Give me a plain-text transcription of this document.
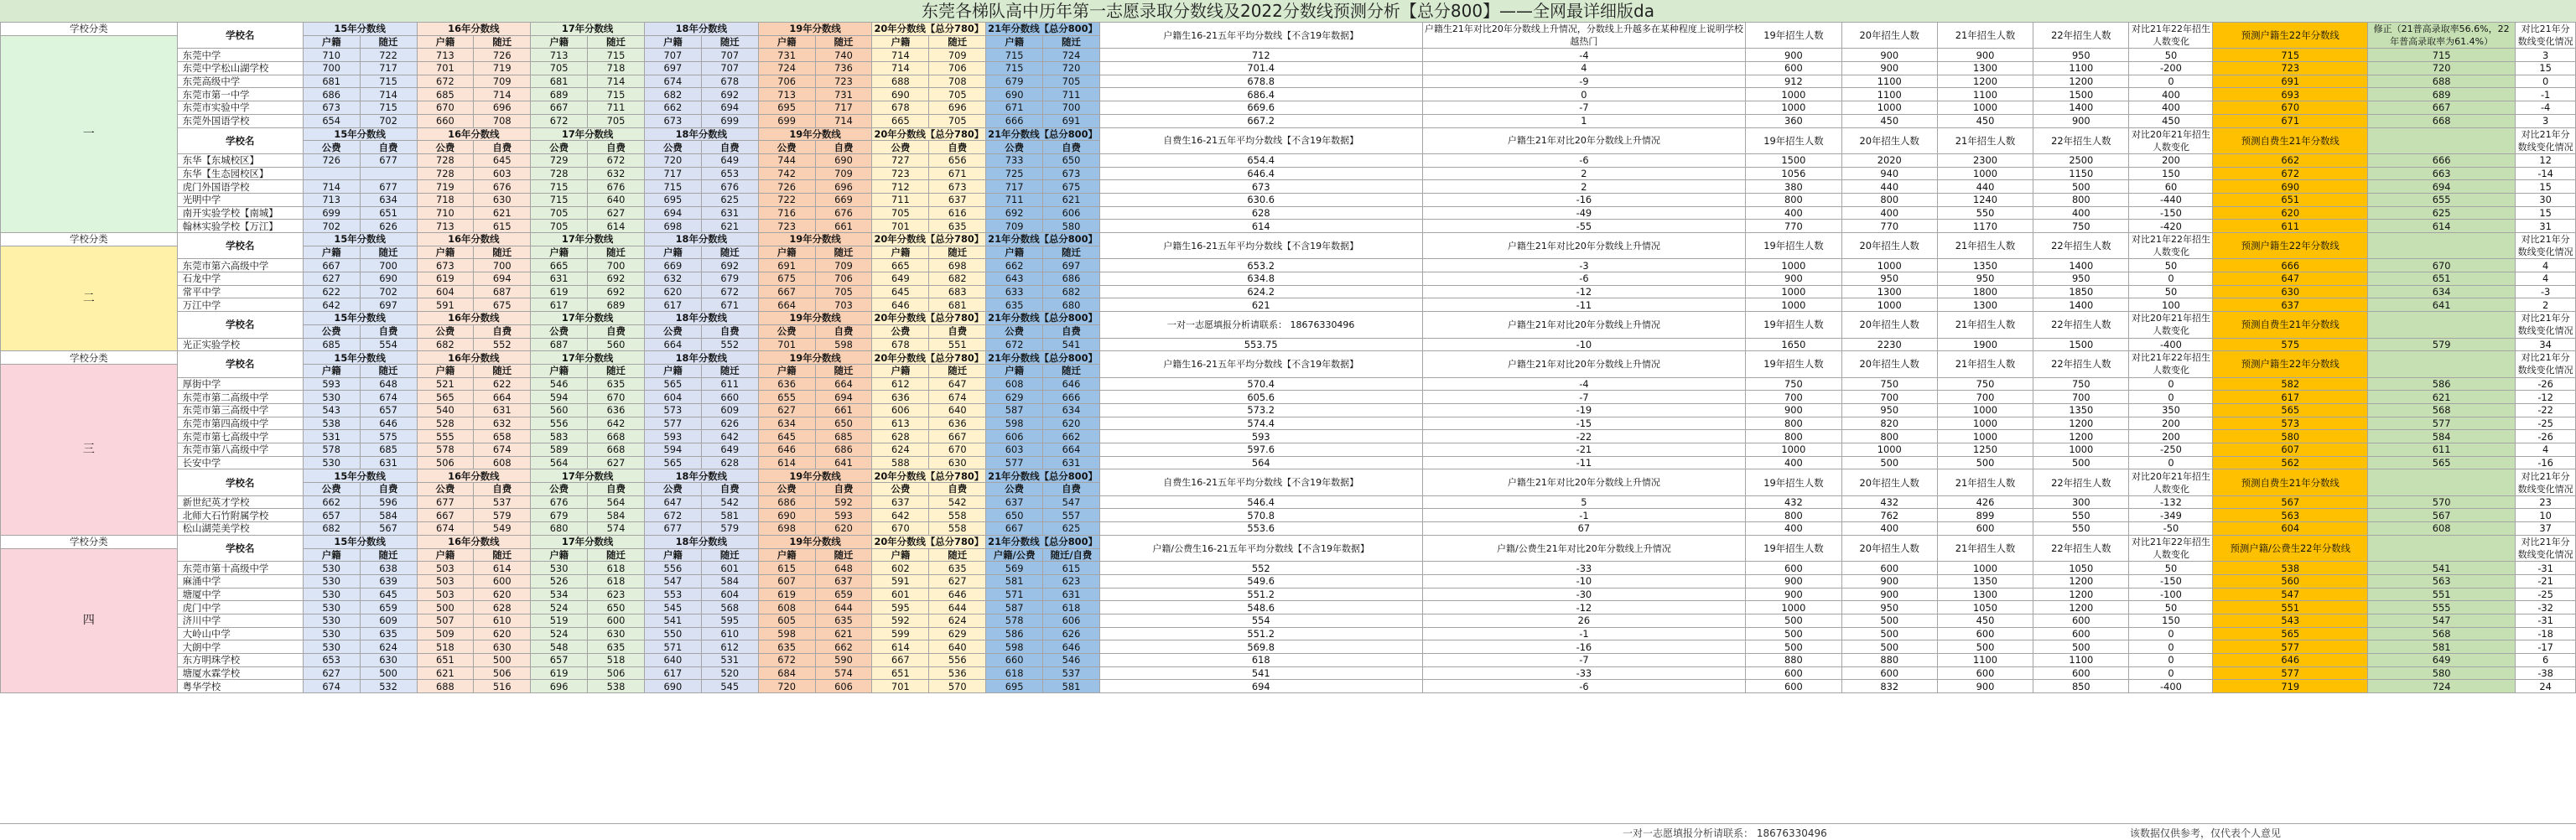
东莞各梯队高中历年第一志愿录取分数线及2022分数线预测分析【总分800】——全网最详细版da
学校分类	学校名	15年分数线		16年分数线		17年分数线		18年分数线		19年分数线		20年分数线【总分780】		21年分数线【总分800】		户籍生16-21五年平均分数线【不含19年数据】	户籍生21年对比20年分数线上升情况，分数线上升越多在某种程度上说明学校越热门	19年招生人数	20年招生人数	21年招生人数	22年招生人数	对比21年22年招生人数变化	预测户籍生22年分数线	修正（21普高录取率56.6%，22年普高录取率为61.4%）	对比21年分数线变化情况
一		户籍	随迁	户籍	随迁	户籍	随迁	户籍	随迁	户籍	随迁	户籍	随迁	户籍	随迁										
	东莞中学	710	722	713	726	713	715	707	707	731	740	714	709	715	724	712	-4	900	900	900	950	50	715	715	3
	东莞中学松山湖学校	700	717	701	719	705	718	697	707	724	736	714	706	715	720	701.4	4	600	900	1300	1100	-200	723	720	15
	东莞高级中学	681	715	672	709	681	714	674	678	706	723	688	708	679	705	678.8	-9	912	1100	1200	1200	0	691	688	0
	东莞市第一中学	686	714	685	714	689	715	682	692	713	731	690	705	690	711	686.4	0	1000	1100	1100	1500	400	693	689	-1
	东莞市实验中学	673	715	670	696	667	711	662	694	695	717	678	696	671	700	669.6	-7	1000	1000	1000	1400	400	670	667	-4
	东莞外国语学校	654	702	660	708	672	705	673	699	699	714	665	705	666	691	667.2	1	360	450	450	900	450	671	668	3
	学校名	15年分数线		16年分数线		17年分数线		18年分数线		19年分数线		20年分数线【总分780】		21年分数线【总分800】		自费生16-21五年平均分数线【不含19年数据】	户籍生21年对比20年分数线上升情况	19年招生人数	20年招生人数	21年招生人数	22年招生人数	对比20年21年招生人数变化	预测自费生21年分数线		对比21年分数线变化情况
		公费	自费	公费	自费	公费	自费	公费	自费	公费	自费	公费	自费	公费	自费										
	东华【东城校区】	726	677	728	645	729	672	720	649	744	690	727	656	733	650	654.4	-6	1500	2020	2300	2500	200	662	666	12
	东华【生态园校区】			728	603	728	632	717	653	742	709	723	671	725	673	646.4	2	1056	940	1000	1150	150	672	663	-14
	虎门外国语学校	714	677	719	676	715	676	715	676	726	696	712	673	717	675	673	2	380	440	440	500	60	690	694	15
	光明中学	713	634	718	630	715	640	695	625	722	669	711	637	711	621	630.6	-16	800	800	1240	800	-440	651	655	30
	南开实验学校【南城】	699	651	710	621	705	627	694	631	716	676	705	616	692	606	628	-49	400	400	550	400	-150	620	625	15
	翰林实验学校【万江】	702	626	713	615	705	614	698	621	723	661	701	635	709	580	614	-55	770	770	1170	750	-420	611	614	31
学校分类	学校名	15年分数线		16年分数线		17年分数线		18年分数线		19年分数线		20年分数线【总分780】		21年分数线【总分800】		户籍生16-21五年平均分数线【不含19年数据】	户籍生21年对比20年分数线上升情况	19年招生人数	20年招生人数	21年招生人数	22年招生人数	对比21年22年招生人数变化	预测户籍生22年分数线		对比21年分数线变化情况
二		户籍	随迁	户籍	随迁	户籍	随迁	户籍	随迁	户籍	随迁	户籍	随迁	户籍	随迁										
	东莞市第六高级中学	667	700	673	700	665	700	669	692	691	709	665	698	662	697	653.2	-3	1000	1000	1350	1400	50	666	670	4
	石龙中学	627	690	619	694	631	692	632	679	675	706	649	682	643	686	634.8	-6	900	950	950	950	0	647	651	4
	常平中学	622	702	604	687	619	692	620	672	667	705	645	683	633	682	624.2	-12	1000	1300	1800	1850	50	630	634	-3
	万江中学	642	697	591	675	617	689	617	671	664	703	646	681	635	680	621	-11	1000	1000	1300	1400	100	637	641	2
	学校名	15年分数线		16年分数线		17年分数线		18年分数线		19年分数线		20年分数线【总分780】		21年分数线【总分800】		一对一志愿填报分析请联系： 18676330496	户籍生21年对比20年分数线上升情况	19年招生人数	20年招生人数	21年招生人数	22年招生人数	对比20年21年招生人数变化	预测自费生21年分数线		对比21年分数线变化情况
		公费	自费	公费	自费	公费	自费	公费	自费	公费	自费	公费	自费	公费	自费										
	光正实验学校	685	554	682	552	687	560	664	552	701	598	678	551	672	541	553.75	-10	1650	2230	1900	1500	-400	575	579	34
学校分类	学校名	15年分数线		16年分数线		17年分数线		18年分数线		19年分数线		20年分数线【总分780】		21年分数线【总分800】		户籍生16-21五年平均分数线【不含19年数据】	户籍生21年对比20年分数线上升情况	19年招生人数	20年招生人数	21年招生人数	22年招生人数	对比21年22年招生人数变化	预测户籍生22年分数线		对比21年分数线变化情况
三		户籍	随迁	户籍	随迁	户籍	随迁	户籍	随迁	户籍	随迁	户籍	随迁	户籍	随迁										
	厚街中学	593	648	521	622	546	635	565	611	636	664	612	647	608	646	570.4	-4	750	750	750	750	0	582	586	-26
	东莞市第二高级中学	530	674	565	664	594	670	604	660	655	694	636	674	629	666	605.6	-7	700	700	700	700	0	617	621	-12
	东莞市第三高级中学	543	657	540	631	560	636	573	609	627	661	606	640	587	634	573.2	-19	900	950	1000	1350	350	565	568	-22
	东莞市第四高级中学	538	646	528	632	556	642	577	626	634	650	613	636	598	620	574.4	-15	800	820	1000	1200	200	573	577	-25
	东莞市第七高级中学	531	575	555	658	583	668	593	642	645	685	628	667	606	662	593	-22	800	800	1000	1200	200	580	584	-26
	东莞市第八高级中学	578	685	578	674	589	668	594	649	646	686	624	670	603	664	597.6	-21	1000	1000	1250	1000	-250	607	611	4
	长安中学	530	631	506	608	564	627	565	628	614	641	588	630	577	631	564	-11	400	500	500	500	0	562	565	-16
	学校名	15年分数线		16年分数线		17年分数线		18年分数线		19年分数线		20年分数线【总分780】		21年分数线【总分800】		自费生16-21五年平均分数线【不含19年数据】	户籍生21年对比20年分数线上升情况	19年招生人数	20年招生人数	21年招生人数	22年招生人数	对比20年21年招生人数变化	预测自费生21年分数线		对比21年分数线变化情况
		公费	自费	公费	自费	公费	自费	公费	自费	公费	自费	公费	自费	公费	自费										
	新世纪英才学校	662	596	677	537	676	564	647	542	686	592	637	542	637	547	546.4	5	432	432	426	300	-132	567	570	23
	北师大石竹附属学校	657	584	667	579	679	584	672	581	690	593	642	558	650	557	570.8	-1	800	762	899	550	-349	563	567	10
	松山湖莞美学校	682	567	674	549	680	574	677	579	698	620	670	558	667	625	553.6	67	400	400	600	550	-50	604	608	37
学校分类	学校名	15年分数线		16年分数线		17年分数线		18年分数线		19年分数线		20年分数线【总分780】		21年分数线【总分800】		户籍/公费生16-21五年平均分数线【不含19年数据】	户籍/公费生21年对比20年分数线上升情况	19年招生人数	20年招生人数	21年招生人数	22年招生人数	对比21年22年招生人数变化	预测户籍/公费生22年分数线		对比21年分数线变化情况
四		户籍	随迁	户籍	随迁	户籍	随迁	户籍	随迁	户籍	随迁	户籍	随迁	户籍/公费	随迁/自费										
	东莞市第十高级中学	530	638	503	614	530	618	556	601	615	648	602	635	569	615	552	-33	600	600	1000	1050	50	538	541	-31
	麻涌中学	530	639	503	600	526	618	547	584	607	637	591	627	581	623	549.6	-10	900	900	1350	1200	-150	560	563	-21
	塘厦中学	530	645	503	620	534	623	553	604	619	659	601	646	571	631	551.2	-30	900	900	1300	1200	-100	547	551	-25
	虎门中学	530	659	500	628	524	650	545	568	608	644	595	644	587	618	548.6	-12	1000	950	1050	1200	50	551	555	-32
	济川中学	530	609	507	610	519	600	541	595	605	635	592	624	578	606	554	26	500	500	450	600	150	543	547	-31
	大岭山中学	530	635	509	620	524	630	550	610	598	621	599	629	586	626	551.2	-1	500	500	600	600	0	565	568	-18
	大朗中学	530	624	518	630	548	635	571	612	635	662	614	640	598	646	569.8	-16	500	500	500	500	0	577	581	-17
	东方明珠学校	653	630	651	500	657	518	640	531	672	590	667	556	660	546	618	-7	880	880	1100	1100	0	646	649	6
	塘厦水霖学校	627	500	621	506	619	506	617	520	684	574	651	536	618	537	541	-33	600	600	600	600	0	577	580	-38
	粤华学校	674	532	688	516	696	538	690	545	720	606	701	570	695	581	694	-6	600	832	900	850	-400	719	724	24
一对一志愿填报分析请联系： 18676330496	该数据仅供参考，仅代表个人意见
